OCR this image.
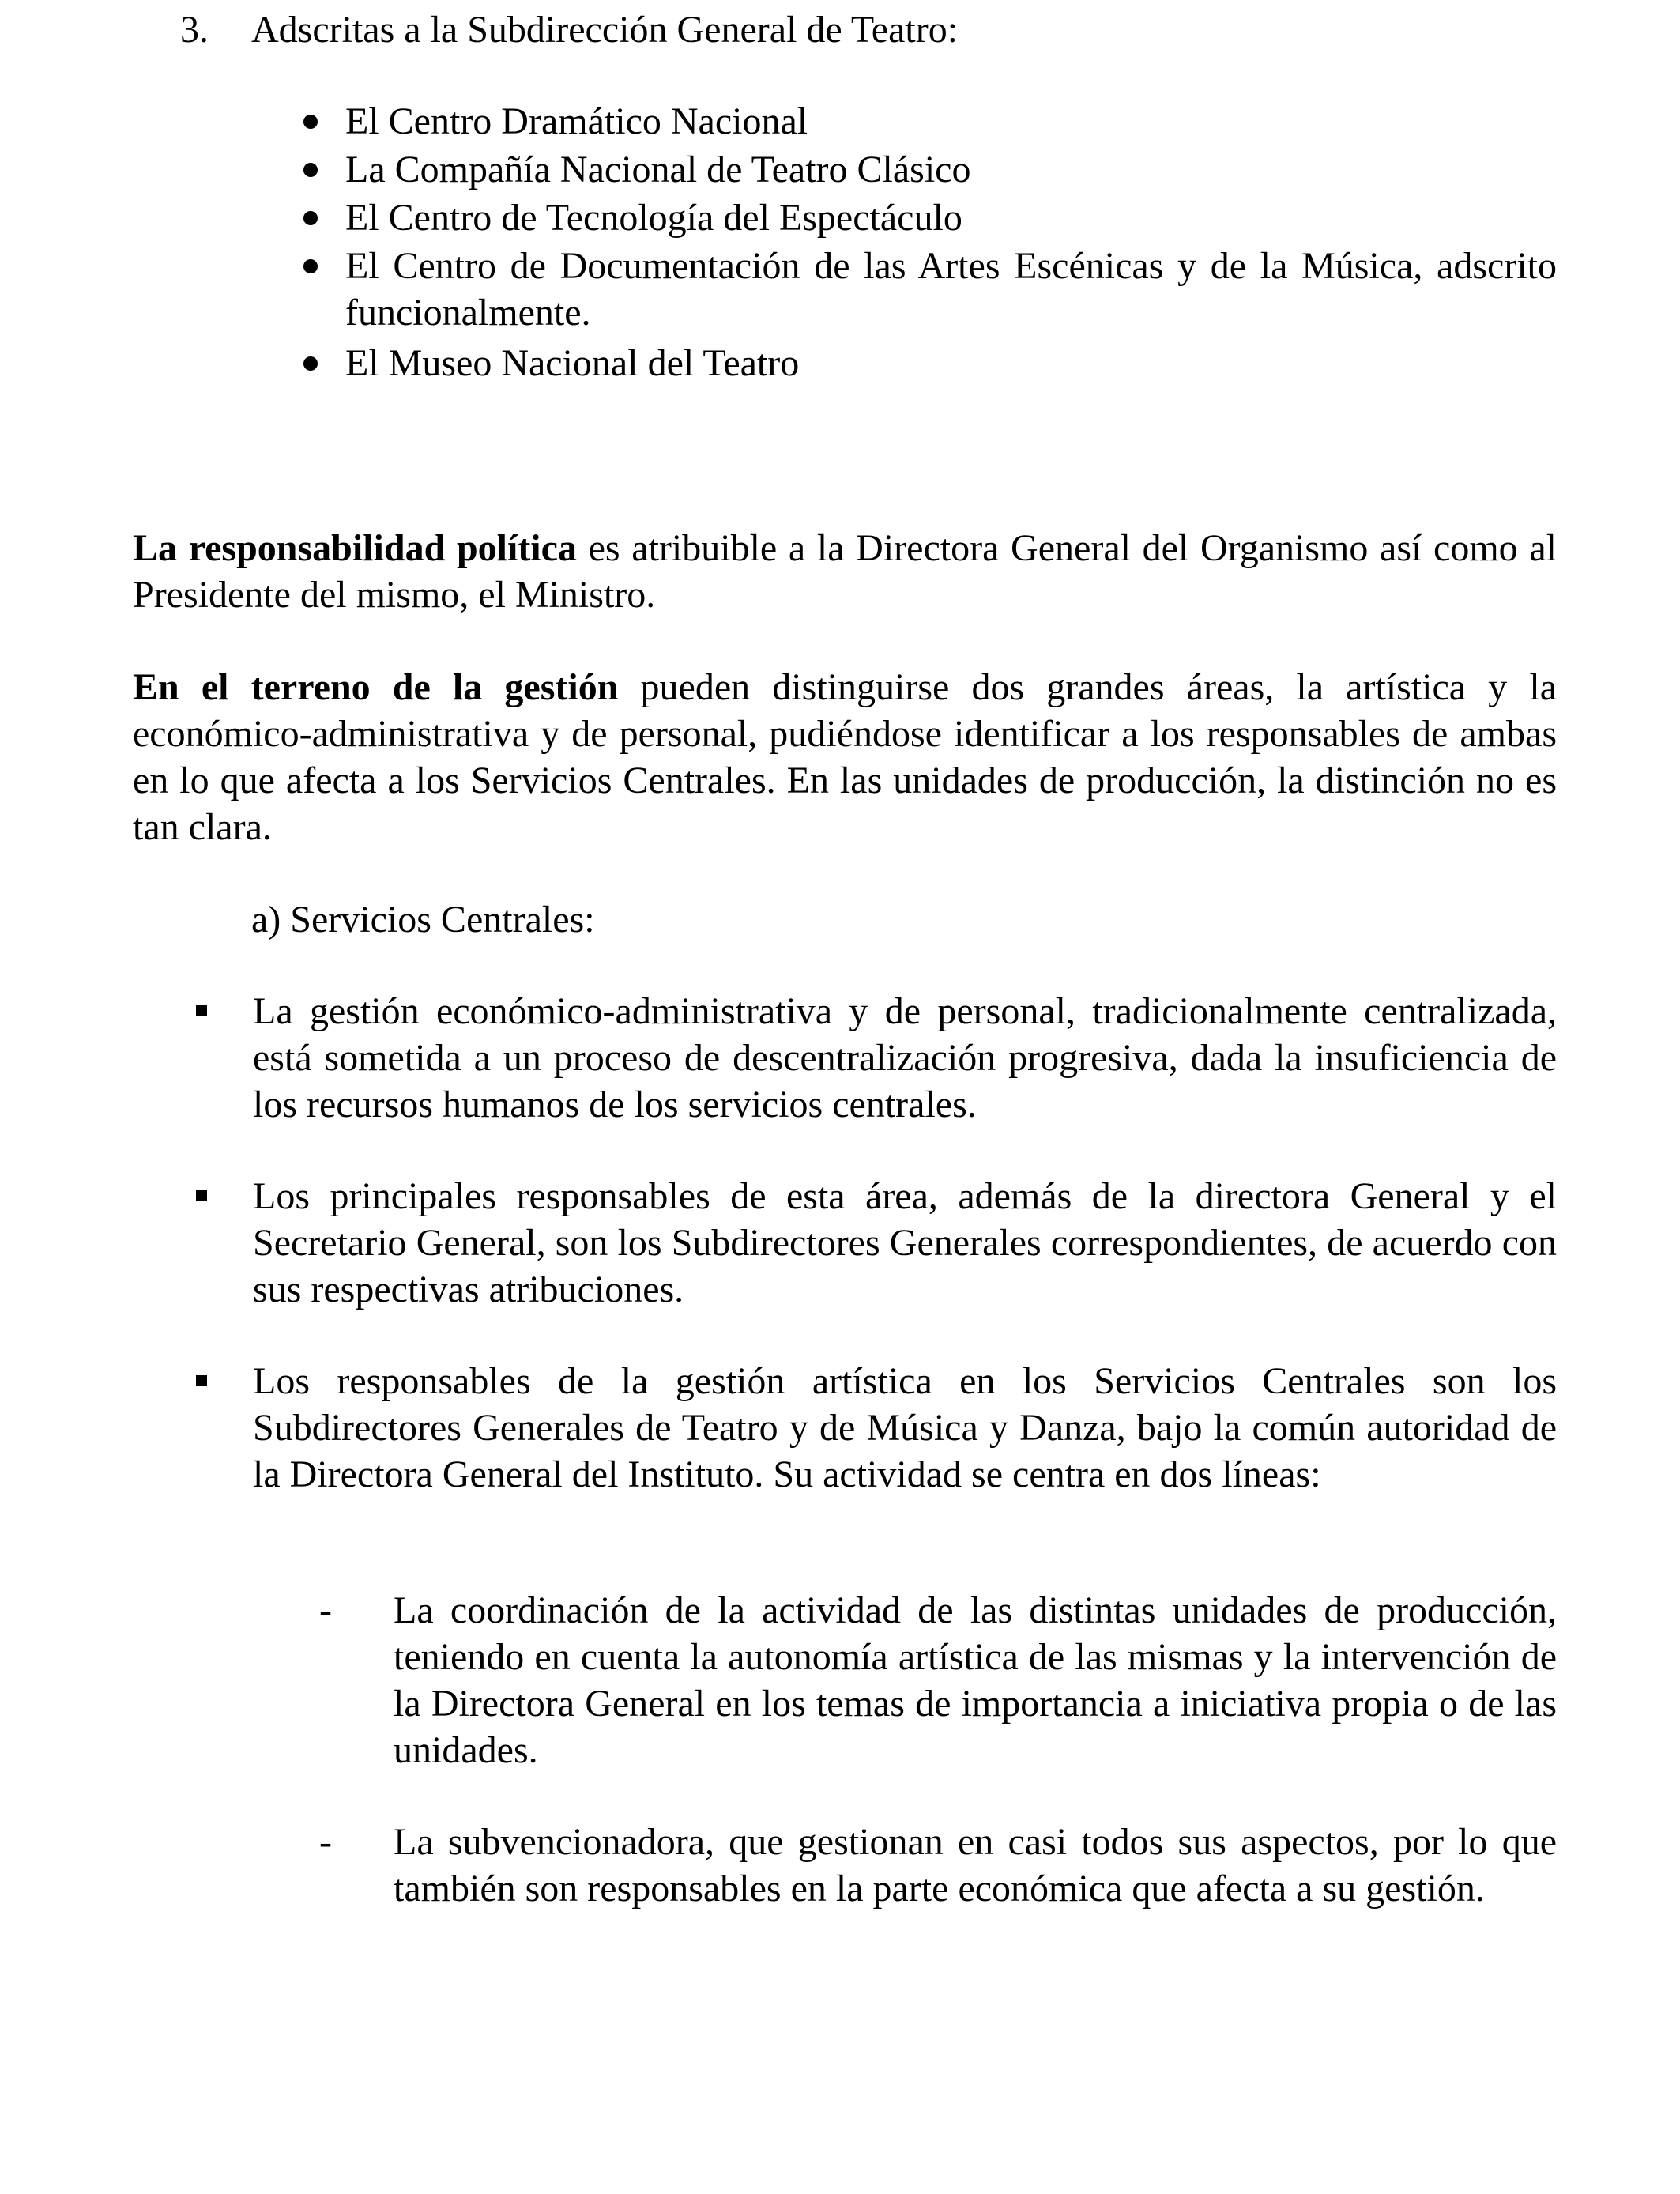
3. Adscritas a la Subdirección General de Teatro:
El Centro Dramático Nacional
La Compañía Nacional de Teatro Clásico
El Centro de Tecnología del Espectáculo
El Centro de Documentación de las Artes Escénicas y de la Música, adscrito funcionalmente.
El Museo Nacional del Teatro

La responsabilidad política es atribuible a la Directora General del Organismo así como al Presidente del mismo, el Ministro.

En el terreno de la gestión pueden distinguirse dos grandes áreas, la artística y la económico-administrativa y de personal, pudiéndose identificar a los responsables de ambas en lo que afecta a los Servicios Centrales. En las unidades de producción, la distinción no es tan clara.

a) Servicios Centrales:
La gestión económico-administrativa y de personal, tradicionalmente centralizada, está sometida a un proceso de descentralización progresiva, dada la insuficiencia de los recursos humanos de los servicios centrales.
Los principales responsables de esta área, además de la directora General y el Secretario General, son los Subdirectores Generales correspondientes, de acuerdo con sus respectivas atribuciones.
Los responsables de la gestión artística en los Servicios Centrales son los Subdirectores Generales de Teatro y de Música y Danza, bajo la común autoridad de la Directora General del Instituto. Su actividad se centra en dos líneas:
- La coordinación de la actividad de las distintas unidades de producción, teniendo en cuenta la autonomía artística de las mismas y la intervención de la Directora General en los temas de importancia a iniciativa propia o de las unidades.
- La subvencionadora, que gestionan en casi todos sus aspectos, por lo que también son responsables en la parte económica que afecta a su gestión.
